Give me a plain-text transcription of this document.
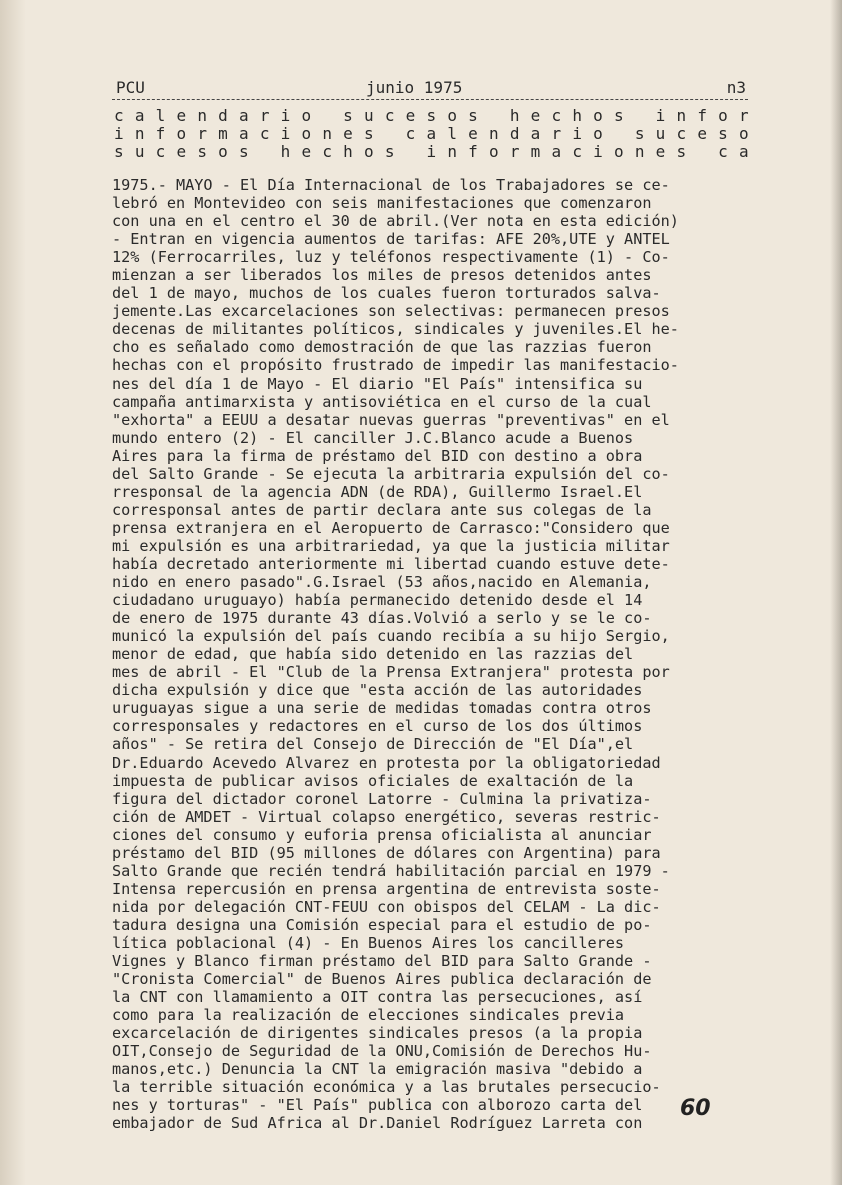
PCU	junio 1975	n3
calendario sucesos hechos infor
informaciones calendario suceso
sucesos hechos informaciones ca
1975.- MAYO - El Día Internacional de los Trabajadores se ce-
lebró en Montevideo con seis manifestaciones que comenzaron
con una en el centro el 30 de abril.(Ver nota en esta edición)
- Entran en vigencia aumentos de tarifas: AFE 20%,UTE y ANTEL
12% (Ferrocarriles, luz y teléfonos respectivamente (1) - Co-
mienzan a ser liberados los miles de presos detenidos antes
del 1 de mayo, muchos de los cuales fueron torturados salva-
jemente.Las excarcelaciones son selectivas: permanecen presos
decenas de militantes políticos, sindicales y juveniles.El he-
cho es señalado como demostración de que las razzias fueron
hechas con el propósito frustrado de impedir las manifestacio-
nes del día 1 de Mayo - El diario "El País" intensifica su
campaña antimarxista y antisoviética en el curso de la cual
"exhorta" a EEUU a desatar nuevas guerras "preventivas" en el
mundo entero (2) - El canciller J.C.Blanco acude a Buenos
Aires para la firma de préstamo del BID con destino a obra
del Salto Grande - Se ejecuta la arbitraria expulsión del co-
rresponsal de la agencia ADN (de RDA), Guillermo Israel.El
corresponsal antes de partir declara ante sus colegas de la
prensa extranjera en el Aeropuerto de Carrasco:"Considero que
mi expulsión es una arbitrariedad, ya que la justicia militar
había decretado anteriormente mi libertad cuando estuve dete-
nido en enero pasado".G.Israel (53 años,nacido en Alemania,
ciudadano uruguayo) había permanecido detenido desde el 14
de enero de 1975 durante 43 días.Volvió a serlo y se le co-
municó la expulsión del país cuando recibía a su hijo Sergio,
menor de edad, que había sido detenido en las razzias del
mes de abril - El "Club de la Prensa Extranjera" protesta por
dicha expulsión y dice que "esta acción de las autoridades
uruguayas sigue a una serie de medidas tomadas contra otros
corresponsales y redactores en el curso de los dos últimos
años" - Se retira del Consejo de Dirección de "El Día",el
Dr.Eduardo Acevedo Alvarez en protesta por la obligatoriedad
impuesta de publicar avisos oficiales de exaltación de la
figura del dictador coronel Latorre - Culmina la privatiza-
ción de AMDET - Virtual colapso energético, severas restric-
ciones del consumo y euforia prensa oficialista al anunciar
préstamo del BID (95 millones de dólares con Argentina) para
Salto Grande que recién tendrá habilitación parcial en 1979 -
Intensa repercusión en prensa argentina de entrevista soste-
nida por delegación CNT-FEUU con obispos del CELAM - La dic-
tadura designa una Comisión especial para el estudio de po-
lítica poblacional (4) - En Buenos Aires los cancilleres
Vignes y Blanco firman préstamo del BID para Salto Grande -
"Cronista Comercial" de Buenos Aires publica declaración de
la CNT con llamamiento a OIT contra las persecuciones, así
como para la realización de elecciones sindicales previa
excarcelación de dirigentes sindicales presos (a la propia
OIT,Consejo de Seguridad de la ONU,Comisión de Derechos Hu-
manos,etc.) Denuncia la CNT la emigración masiva "debido a
la terrible situación económica y a las brutales persecucio-
nes y torturas" - "El País" publica con alborozo carta del
embajador de Sud Africa al Dr.Daniel Rodríguez Larreta con
60
